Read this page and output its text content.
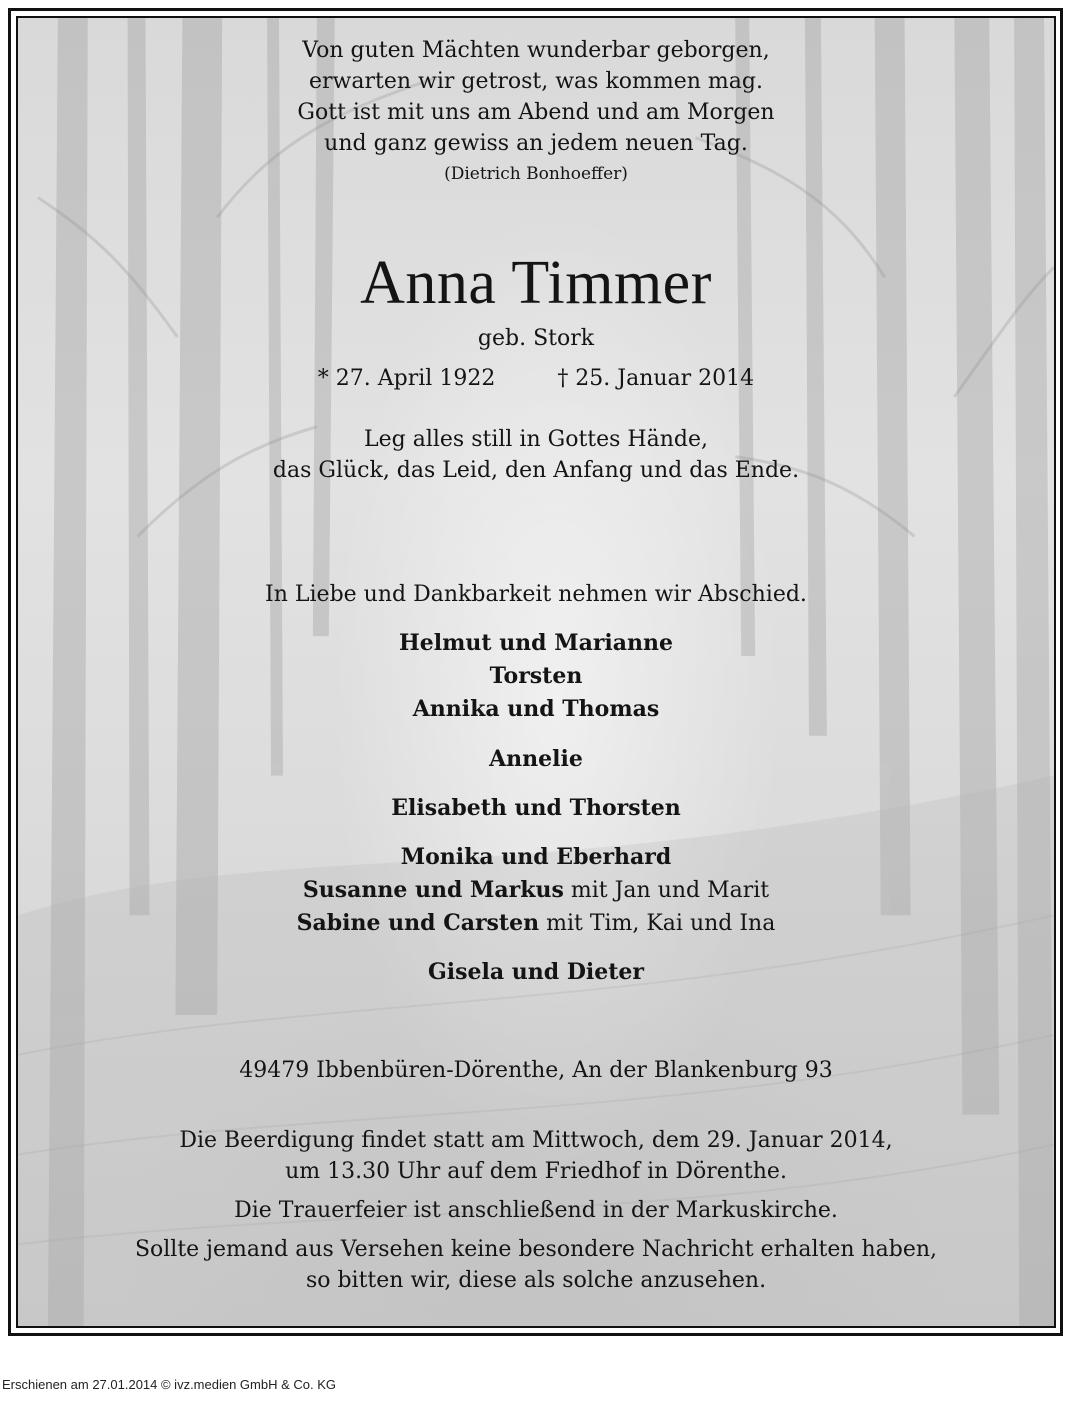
Von guten Mächten wunderbar geborgen,
erwarten wir getrost, was kommen mag.
Gott ist mit uns am Abend und am Morgen
und ganz gewiss an jedem neuen Tag.
(Dietrich Bonhoeffer)
Anna Timmer
geb. Stork
* 27. April 1922	† 25. Januar 2014
Leg alles still in Gottes Hände,
das Glück, das Leid, den Anfang und das Ende.
In Liebe und Dankbarkeit nehmen wir Abschied.
Helmut und Marianne
Torsten
Annika und Thomas
Annelie
Elisabeth und Thorsten
Monika und Eberhard
Susanne und Markus mit Jan und Marit
Sabine und Carsten mit Tim, Kai und Ina
Gisela und Dieter
49479 Ibbenbüren-Dörenthe, An der Blankenburg 93
Die Beerdigung findet statt am Mittwoch, dem 29. Januar 2014,
um 13.30 Uhr auf dem Friedhof in Dörenthe.
Die Trauerfeier ist anschließend in der Markuskirche.
Sollte jemand aus Versehen keine besondere Nachricht erhalten haben,
so bitten wir, diese als solche anzusehen.
Erschienen am 27.01.2014 © ivz.medien GmbH & Co. KG
